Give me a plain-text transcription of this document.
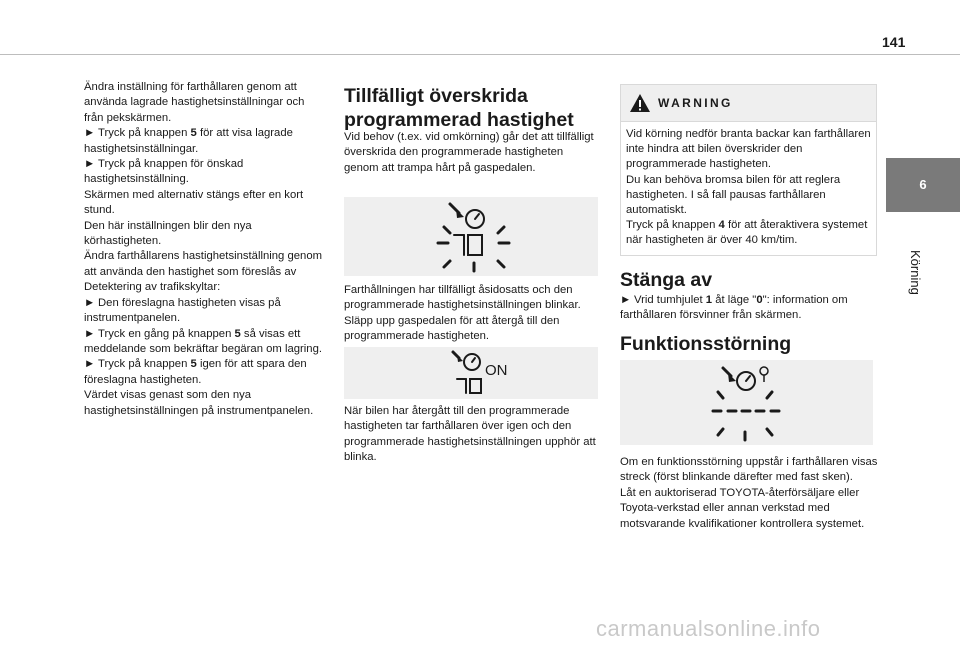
141
6
Körning

Ändra inställning för farthållaren genom att använda lagrade hastighetsinställningar och från pekskärmen.

► Tryck på knappen 5 för att visa lagrade hastighetsinställningar.

► Tryck på knappen för önskad hastighetsinställning.

Skärmen med alternativ stängs efter en kort stund.

Den här inställningen blir den nya körhastigheten.

Ändra farthållarens hastighetsinställning genom att använda den hastighet som föreslås av Detektering av trafikskyltar:

► Den föreslagna hastigheten visas på instrumentpanelen.

► Tryck en gång på knappen 5 så visas ett meddelande som bekräftar begäran om lagring.

► Tryck på knappen 5 igen för att spara den föreslagna hastigheten.

Värdet visas genast som den nya hastighetsinställningen på instrumentpanelen.

Tillfälligt överskrida programmerad hastighet

Vid behov (t.ex. vid omkörning) går det att tillfälligt överskrida den programmerade hastigheten genom att trampa hårt på gaspedalen.

Farthållningen har tillfälligt åsidosatts och den programmerade hastighetsinställningen blinkar.

Släpp upp gaspedalen för att återgå till den programmerade hastigheten.

ON

När bilen har återgått till den programmerade hastigheten tar farthållaren över igen och den programmerade hastighetsinställningen upphör att blinka.

WARNING

Vid körning nedför branta backar kan farthållaren inte hindra att bilen överskrider den programmerade hastigheten.

Du kan behöva bromsa bilen för att reglera hastigheten. I så fall pausas farthållaren automatiskt.

Tryck på knappen 4 för att återaktivera systemet när hastigheten är över 40 km/tim.

Stänga av

► Vrid tumhjulet 1 åt läge "0": information om farthållaren försvinner från skärmen.

Funktionsstörning

Om en funktionsstörning uppstår i farthållaren visas streck (först blinkande därefter med fast sken).

Låt en auktoriserad TOYOTA-återförsäljare eller Toyota-verkstad eller annan verkstad med motsvarande kvalifikationer kontrollera systemet.

carmanualsonline.info
